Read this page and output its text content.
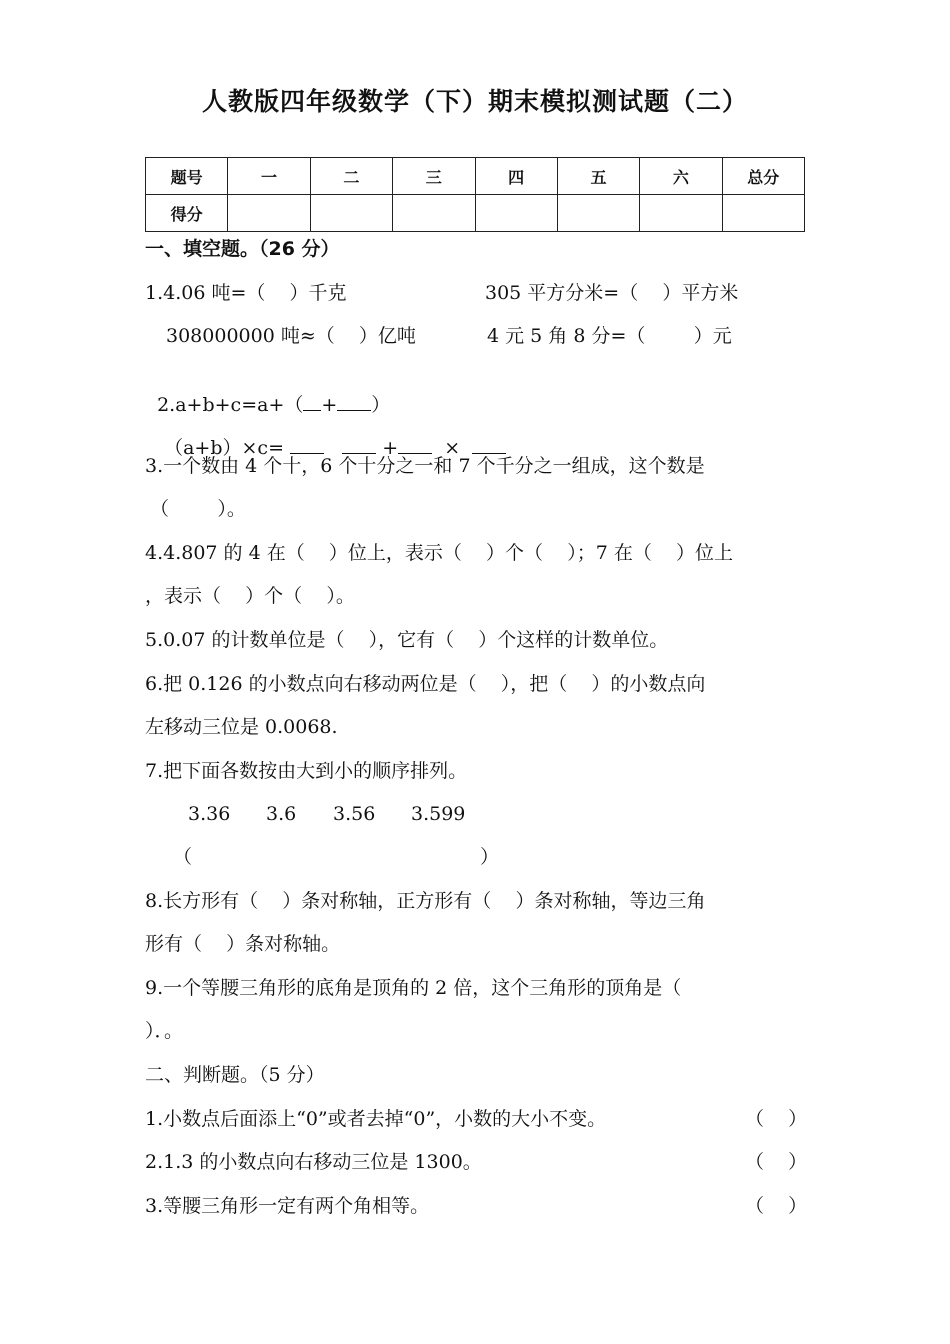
人教版四年级数学（下）期末模拟测试题（二）
题号	一	二	三	四	五	六	总分
得分							
一、填空题。（26 分）
1.4.06 吨=（    ）千克	305 平方分米=（    ）平方米
308000000 吨≈（    ）亿吨	4 元 5 角 8 分=（        ）元

2.a+b+c=a+（ + ）

（a+b）×c=	+ ×

3.一个数由 4 个十，6 个十分之一和 7 个千分之一组成，这个数是
（        ）。
4.4.807 的 4 在（    ）位上，表示（    ）个（    ）；7 在（    ）位上
，表示（    ）个（    ）。
5.0.07 的计数单位是（    ），它有（    ）个这样的计数单位。
6.把 0.126 的小数点向右移动两位是（    ），把（    ）的小数点向
左移动三位是 0.0068.
7.把下面各数按由大到小的顺序排列。
3.36 3.6 3.56 3.599
（	）
8.长方形有（    ）条对称轴，正方形有（    ）条对称轴，等边三角
形有（    ）条对称轴。
9.一个等腰三角形的底角是顶角的 2 倍，这个三角形的顶角是（
）．。
二、判断题。（5 分）
1.小数点后面添上“0”或者去掉“0”，小数的大小不变。	（    ）
2.1.3 的小数点向右移动三位是 1300。	（    ）
3.等腰三角形一定有两个角相等。	（    ）
